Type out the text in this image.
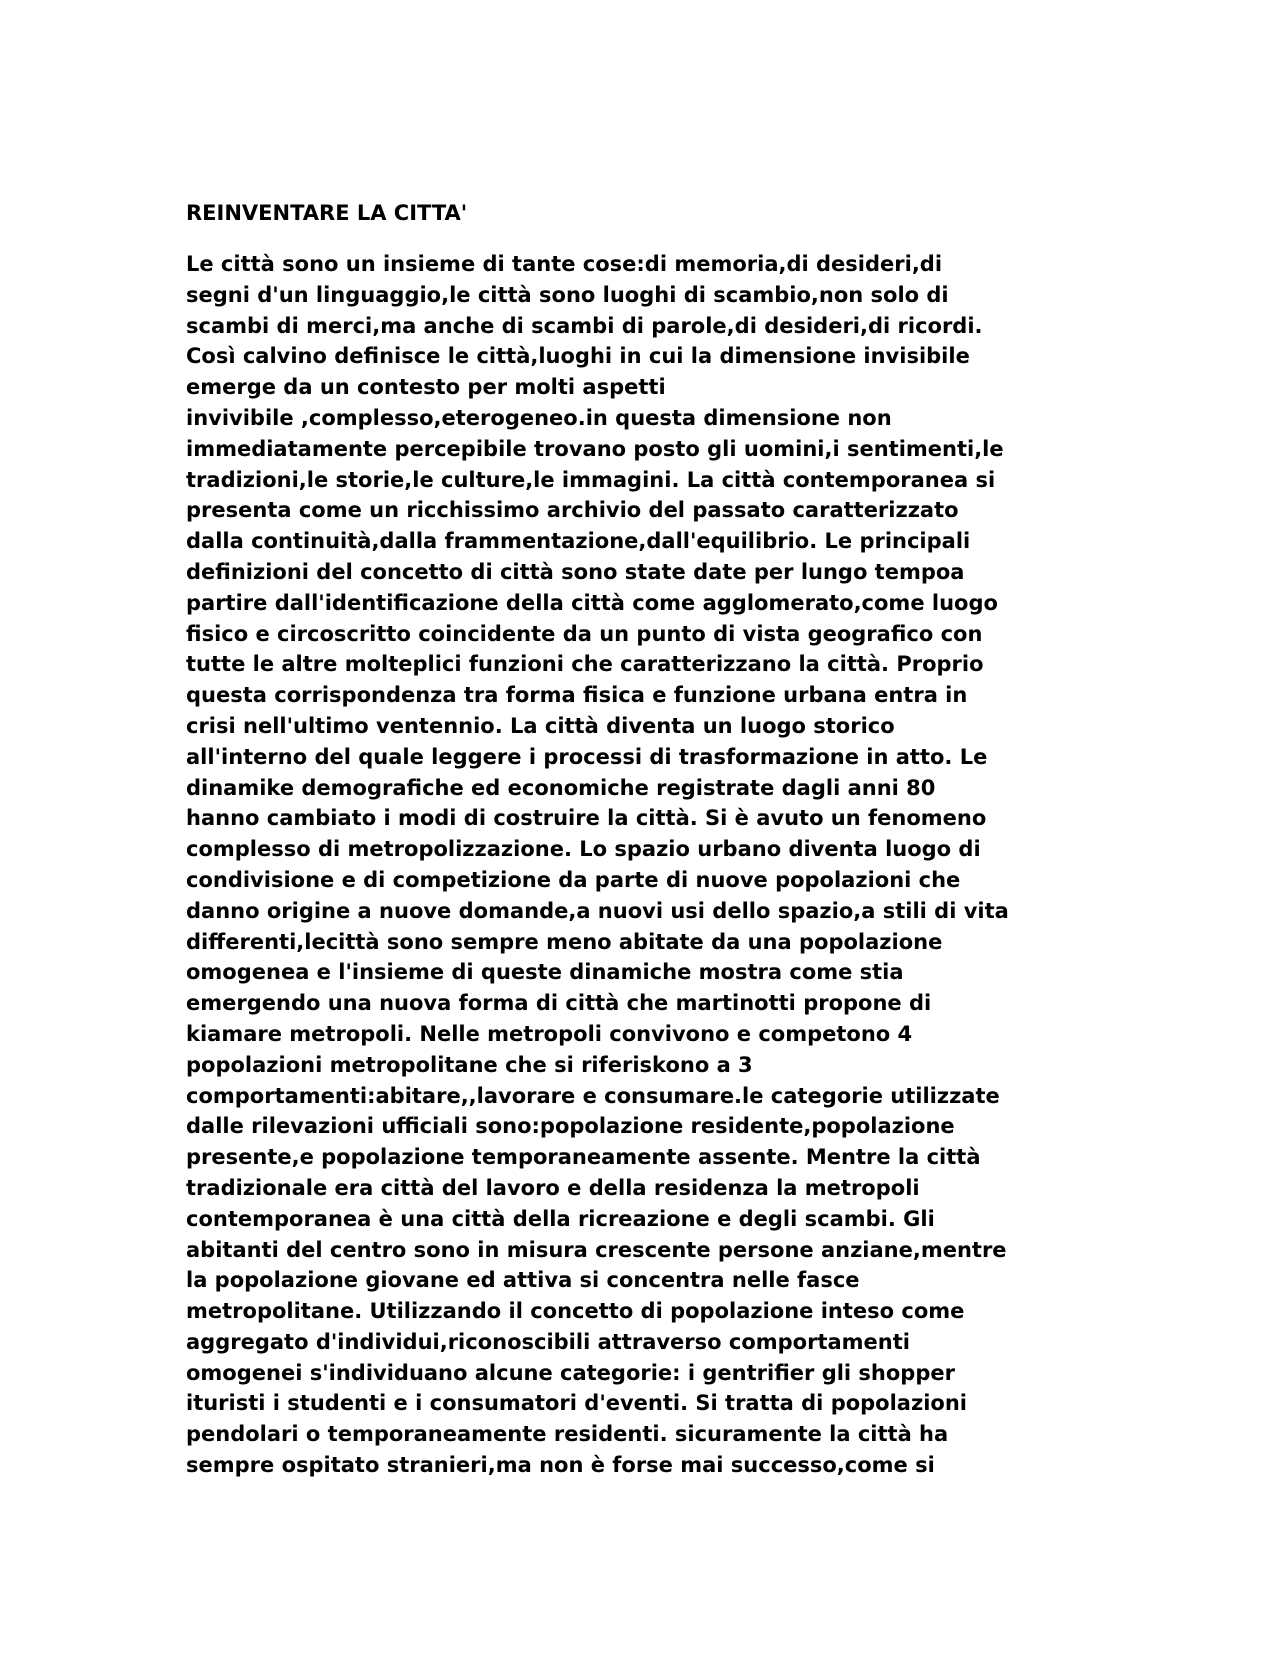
REINVENTARE LA CITTA'
Le città sono un insieme di tante cose:di memoria,di desideri,di
segni d'un linguaggio,le città sono luoghi di scambio,non solo di
scambi di merci,ma anche di scambi di parole,di desideri,di ricordi.
Così calvino definisce le città,luoghi in cui la dimensione invisibile
emerge da un contesto per molti aspetti
invivibile ,complesso,eterogeneo.in questa dimensione non
immediatamente percepibile trovano posto gli uomini,i sentimenti,le
tradizioni,le storie,le culture,le immagini. La città contemporanea si
presenta come un ricchissimo archivio del passato caratterizzato
dalla continuità,dalla frammentazione,dall'equilibrio. Le principali
definizioni del concetto di città sono state date per lungo tempoa
partire dall'identificazione della città come agglomerato,come luogo
fisico e circoscritto coincidente da un punto di vista geografico con
tutte le altre molteplici funzioni che caratterizzano la città. Proprio
questa corrispondenza tra forma fisica e funzione urbana entra in
crisi nell'ultimo ventennio. La città diventa un luogo storico
all'interno del quale leggere i processi di trasformazione in atto. Le
dinamike demografiche ed economiche registrate dagli anni 80
hanno cambiato i modi di costruire la città. Si è avuto un fenomeno
complesso di metropolizzazione. Lo spazio urbano diventa luogo di
condivisione e di competizione da parte di nuove popolazioni che
danno origine a nuove domande,a nuovi usi dello spazio,a stili di vita
differenti,lecittà sono sempre meno abitate da una popolazione
omogenea e l'insieme di queste dinamiche mostra come stia
emergendo una nuova forma di città che martinotti propone di
kiamare metropoli. Nelle metropoli convivono e competono 4
popolazioni metropolitane che si riferiskono a 3
comportamenti:abitare,,lavorare e consumare.le categorie utilizzate
dalle rilevazioni ufficiali sono:popolazione residente,popolazione
presente,e popolazione temporaneamente assente. Mentre la città
tradizionale era città del lavoro e della residenza la metropoli
contemporanea è una città della ricreazione e degli scambi. Gli
abitanti del centro sono in misura crescente persone anziane,mentre
la popolazione giovane ed attiva si concentra nelle fasce
metropolitane. Utilizzando il concetto di popolazione inteso come
aggregato d'individui,riconoscibili attraverso comportamenti
omogenei s'individuano alcune categorie: i gentrifier gli shopper
ituristi i studenti e i consumatori d'eventi. Si tratta di popolazioni
pendolari o temporaneamente residenti. sicuramente la città ha
sempre ospitato stranieri,ma non è forse mai successo,come si
